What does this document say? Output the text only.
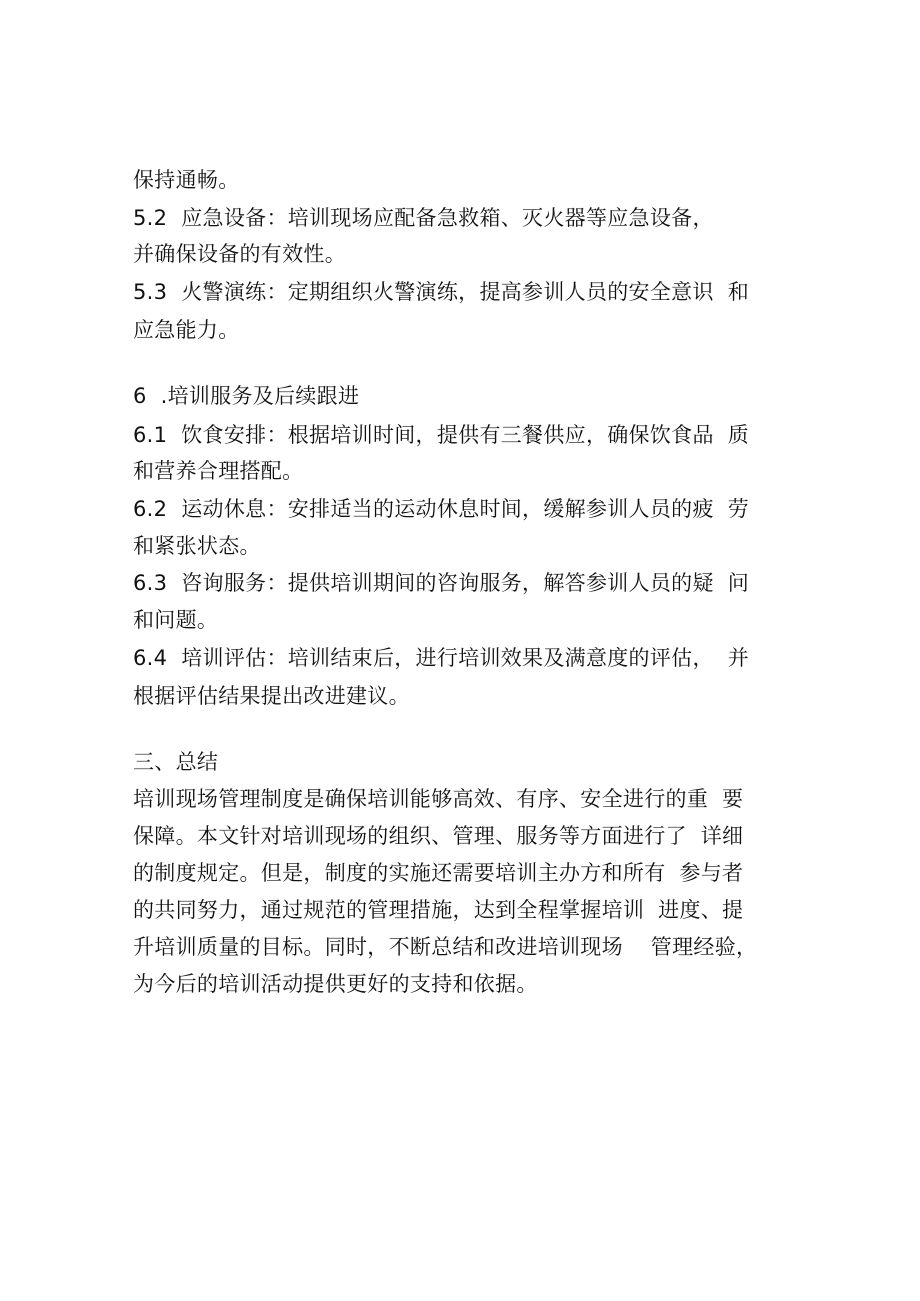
保持通畅。
5.2  应急设备：培训现场应配备急救箱、灭火器等应急设备，
并确保设备的有效性。
5.3  火警演练：定期组织火警演练，提高参训人员的安全意识  和
应急能力。
6  .培训服务及后续跟进
6.1  饮食安排：根据培训时间，提供有三餐供应，确保饮食品  质
和营养合理搭配。
6.2  运动休息：安排适当的运动休息时间，缓解参训人员的疲  劳
和紧张状态。
6.3  咨询服务：提供培训期间的咨询服务，解答参训人员的疑  问
和问题。
6.4  培训评估：培训结束后，进行培训效果及满意度的评估，  并
根据评估结果提出改进建议。
三、总结
培训现场管理制度是确保培训能够高效、有序、安全进行的重  要
保障。本文针对培训现场的组织、管理、服务等方面进行了  详细
的制度规定。但是，制度的实施还需要培训主办方和所有  参与者
的共同努力，通过规范的管理措施，达到全程掌握培训  进度、提
升培训质量的目标。同时，不断总结和改进培训现场    管理经验，
为今后的培训活动提供更好的支持和依据。
